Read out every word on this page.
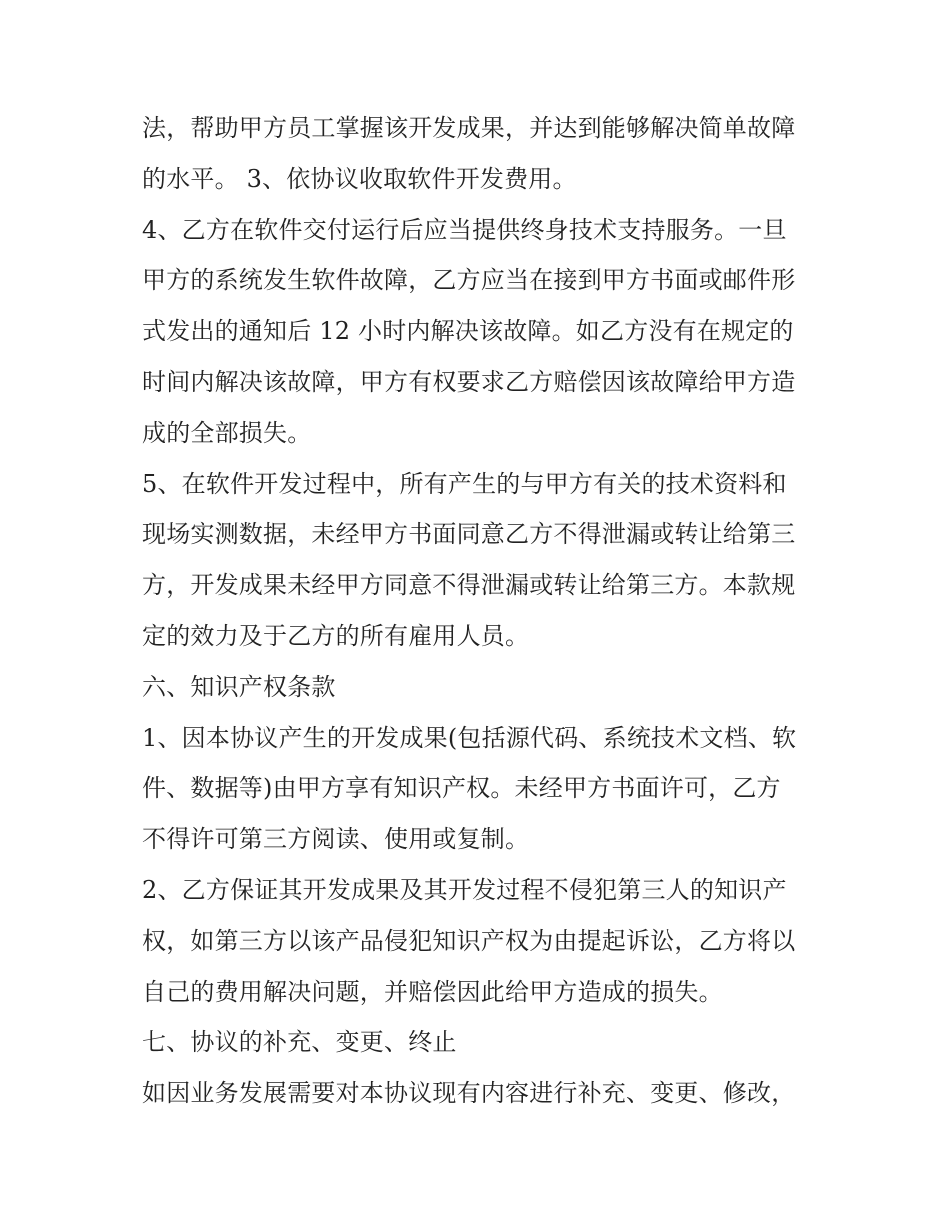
法，帮助甲方员工掌握该开发成果，并达到能够解决简单故障
的水平。 3、依协议收取软件开发费用。
4、乙方在软件交付运行后应当提供终身技术支持服务。一旦
甲方的系统发生软件故障，乙方应当在接到甲方书面或邮件形
式发出的通知后 12 小时内解决该故障。如乙方没有在规定的
时间内解决该故障，甲方有权要求乙方赔偿因该故障给甲方造
成的全部损失。
5、在软件开发过程中，所有产生的与甲方有关的技术资料和
现场实测数据，未经甲方书面同意乙方不得泄漏或转让给第三
方，开发成果未经甲方同意不得泄漏或转让给第三方。本款规
定的效力及于乙方的所有雇用人员。
六、知识产权条款
1、因本协议产生的开发成果(包括源代码、系统技术文档、软
件、数据等)由甲方享有知识产权。未经甲方书面许可，乙方
不得许可第三方阅读、使用或复制。
2、乙方保证其开发成果及其开发过程不侵犯第三人的知识产
权，如第三方以该产品侵犯知识产权为由提起诉讼，乙方将以
自己的费用解决问题，并赔偿因此给甲方造成的损失。
七、协议的补充、变更、终止
如因业务发展需要对本协议现有内容进行补充、变更、修改，
